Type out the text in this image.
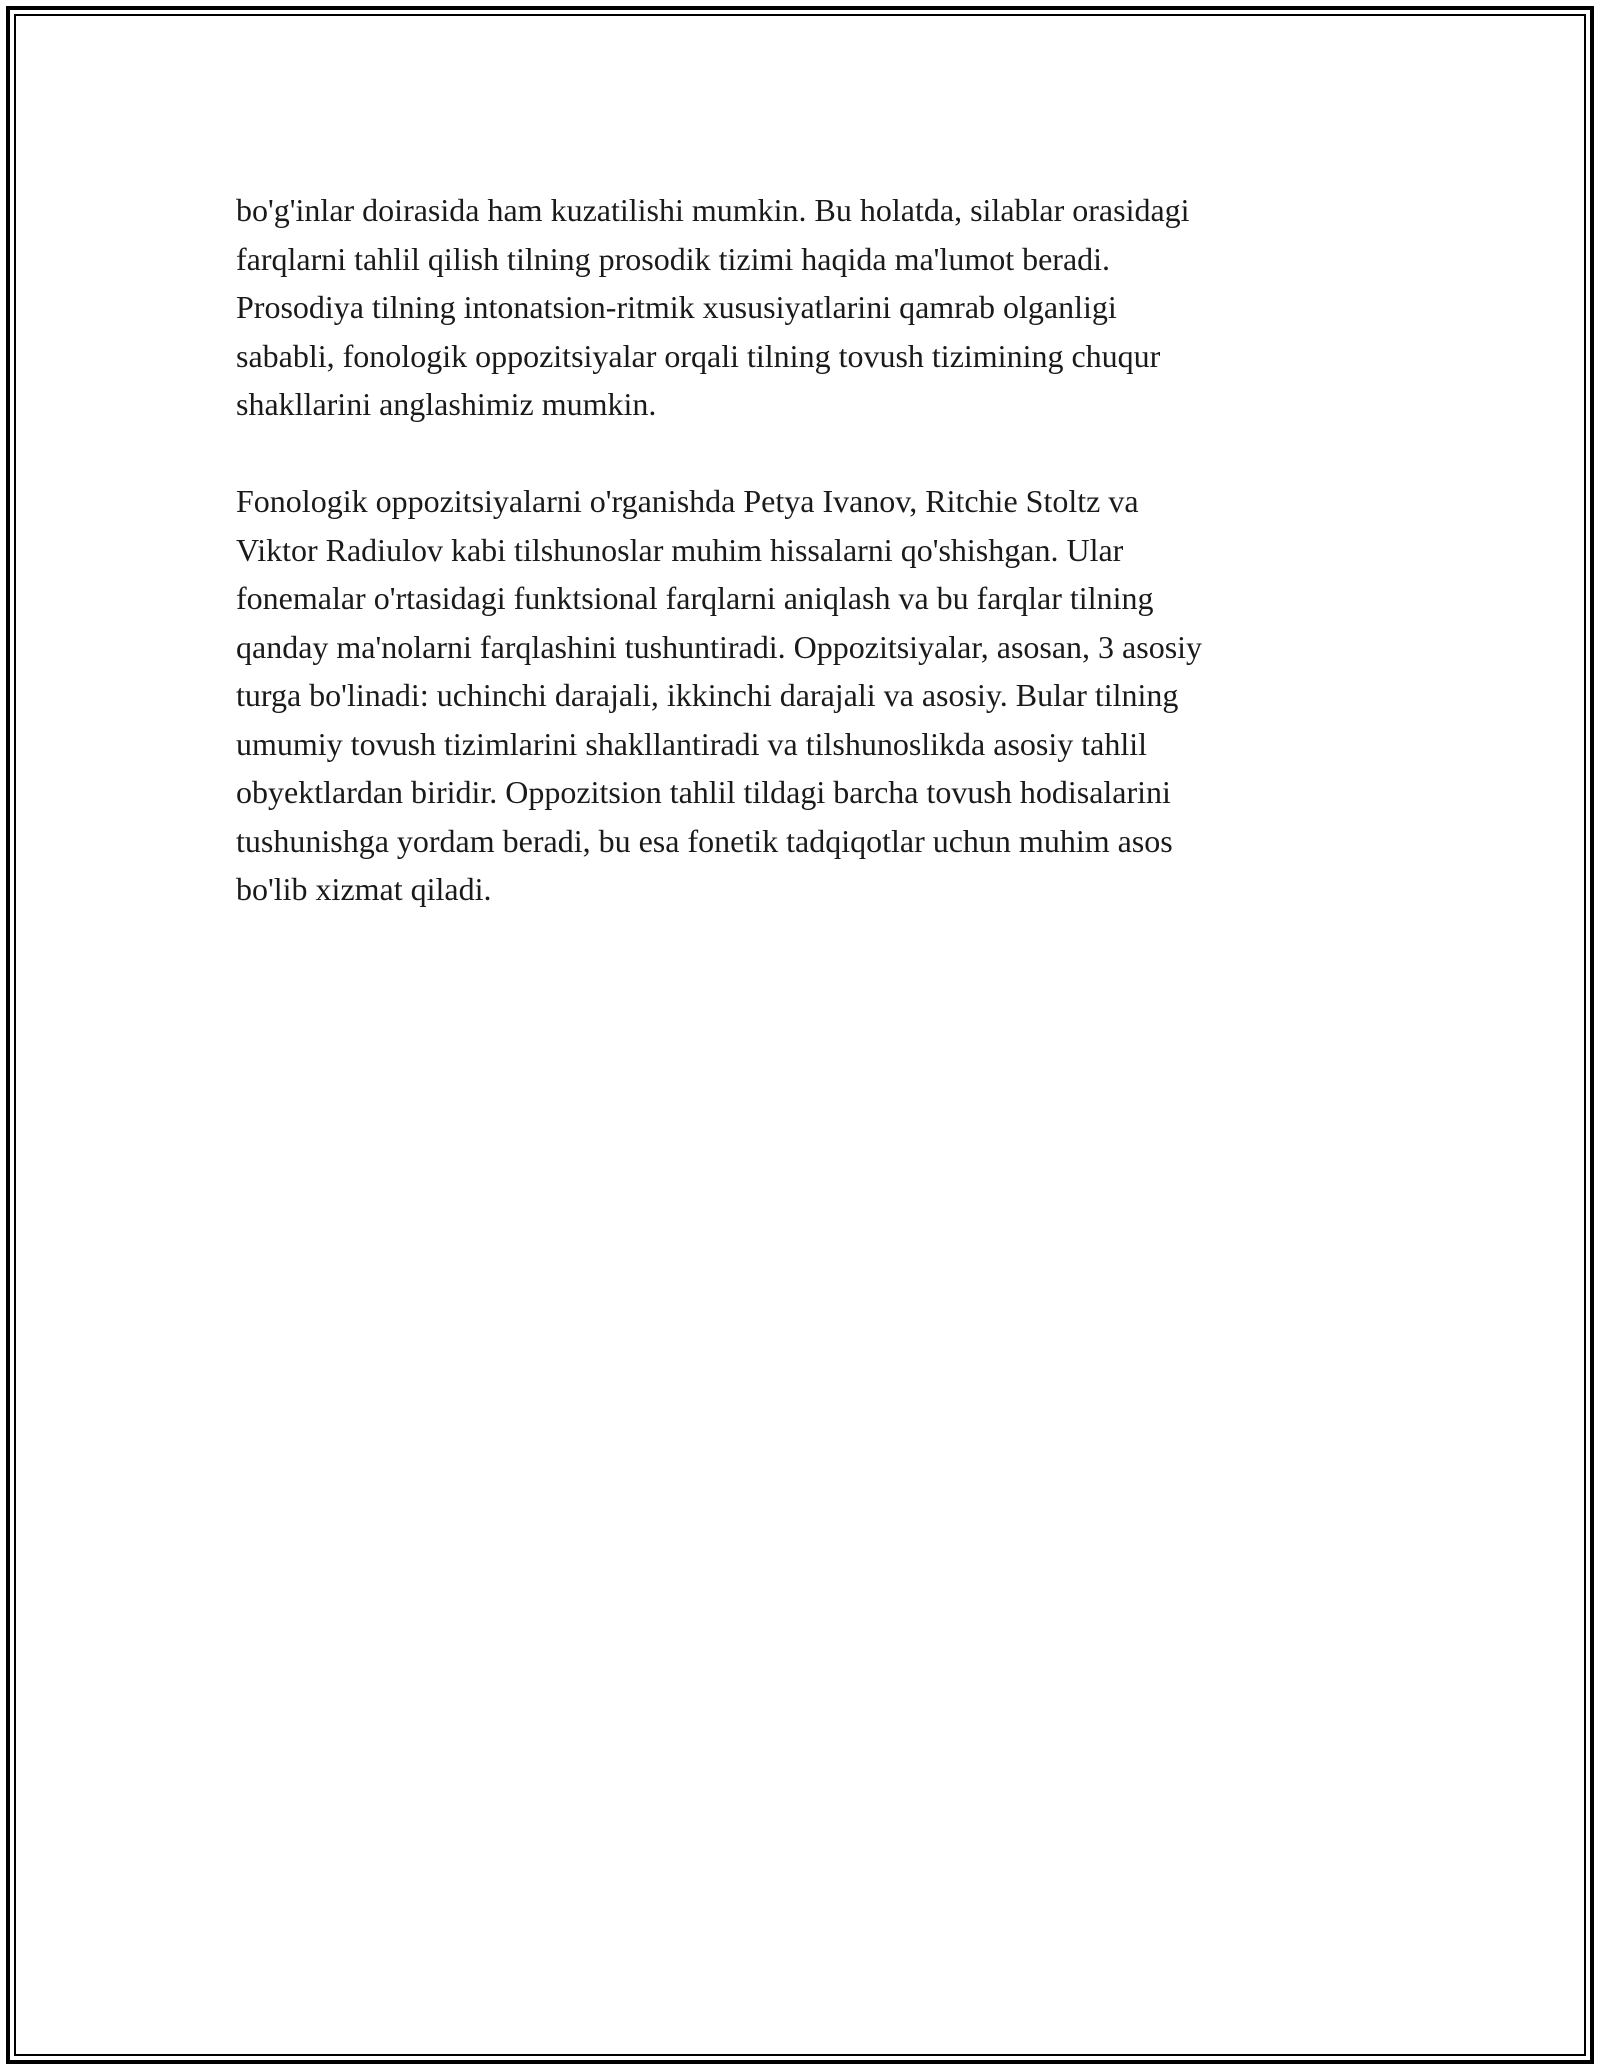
bo'g'inlar doirasida ham kuzatilishi mumkin. Bu holatda, silablar orasidagi
farqlarni tahlil qilish tilning prosodik tizimi haqida ma'lumot beradi.
Prosodiya tilning intonatsion-ritmik xususiyatlarini qamrab olganligi
sababli, fonologik oppozitsiyalar orqali tilning tovush tizimining chuqur
shakllarini anglashimiz mumkin.

Fonologik oppozitsiyalarni o'rganishda Petya Ivanov, Ritchie Stoltz va
Viktor Radiulov kabi tilshunoslar muhim hissalarni qo'shishgan. Ular
fonemalar o'rtasidagi funktsional farqlarni aniqlash va bu farqlar tilning
qanday ma'nolarni farqlashini tushuntiradi. Oppozitsiyalar, asosan, 3 asosiy
turga bo'linadi: uchinchi darajali, ikkinchi darajali va asosiy. Bular tilning
umumiy tovush tizimlarini shakllantiradi va tilshunoslikda asosiy tahlil
obyektlardan biridir. Oppozitsion tahlil tildagi barcha tovush hodisalarini
tushunishga yordam beradi, bu esa fonetik tadqiqotlar uchun muhim asos
bo'lib xizmat qiladi.
